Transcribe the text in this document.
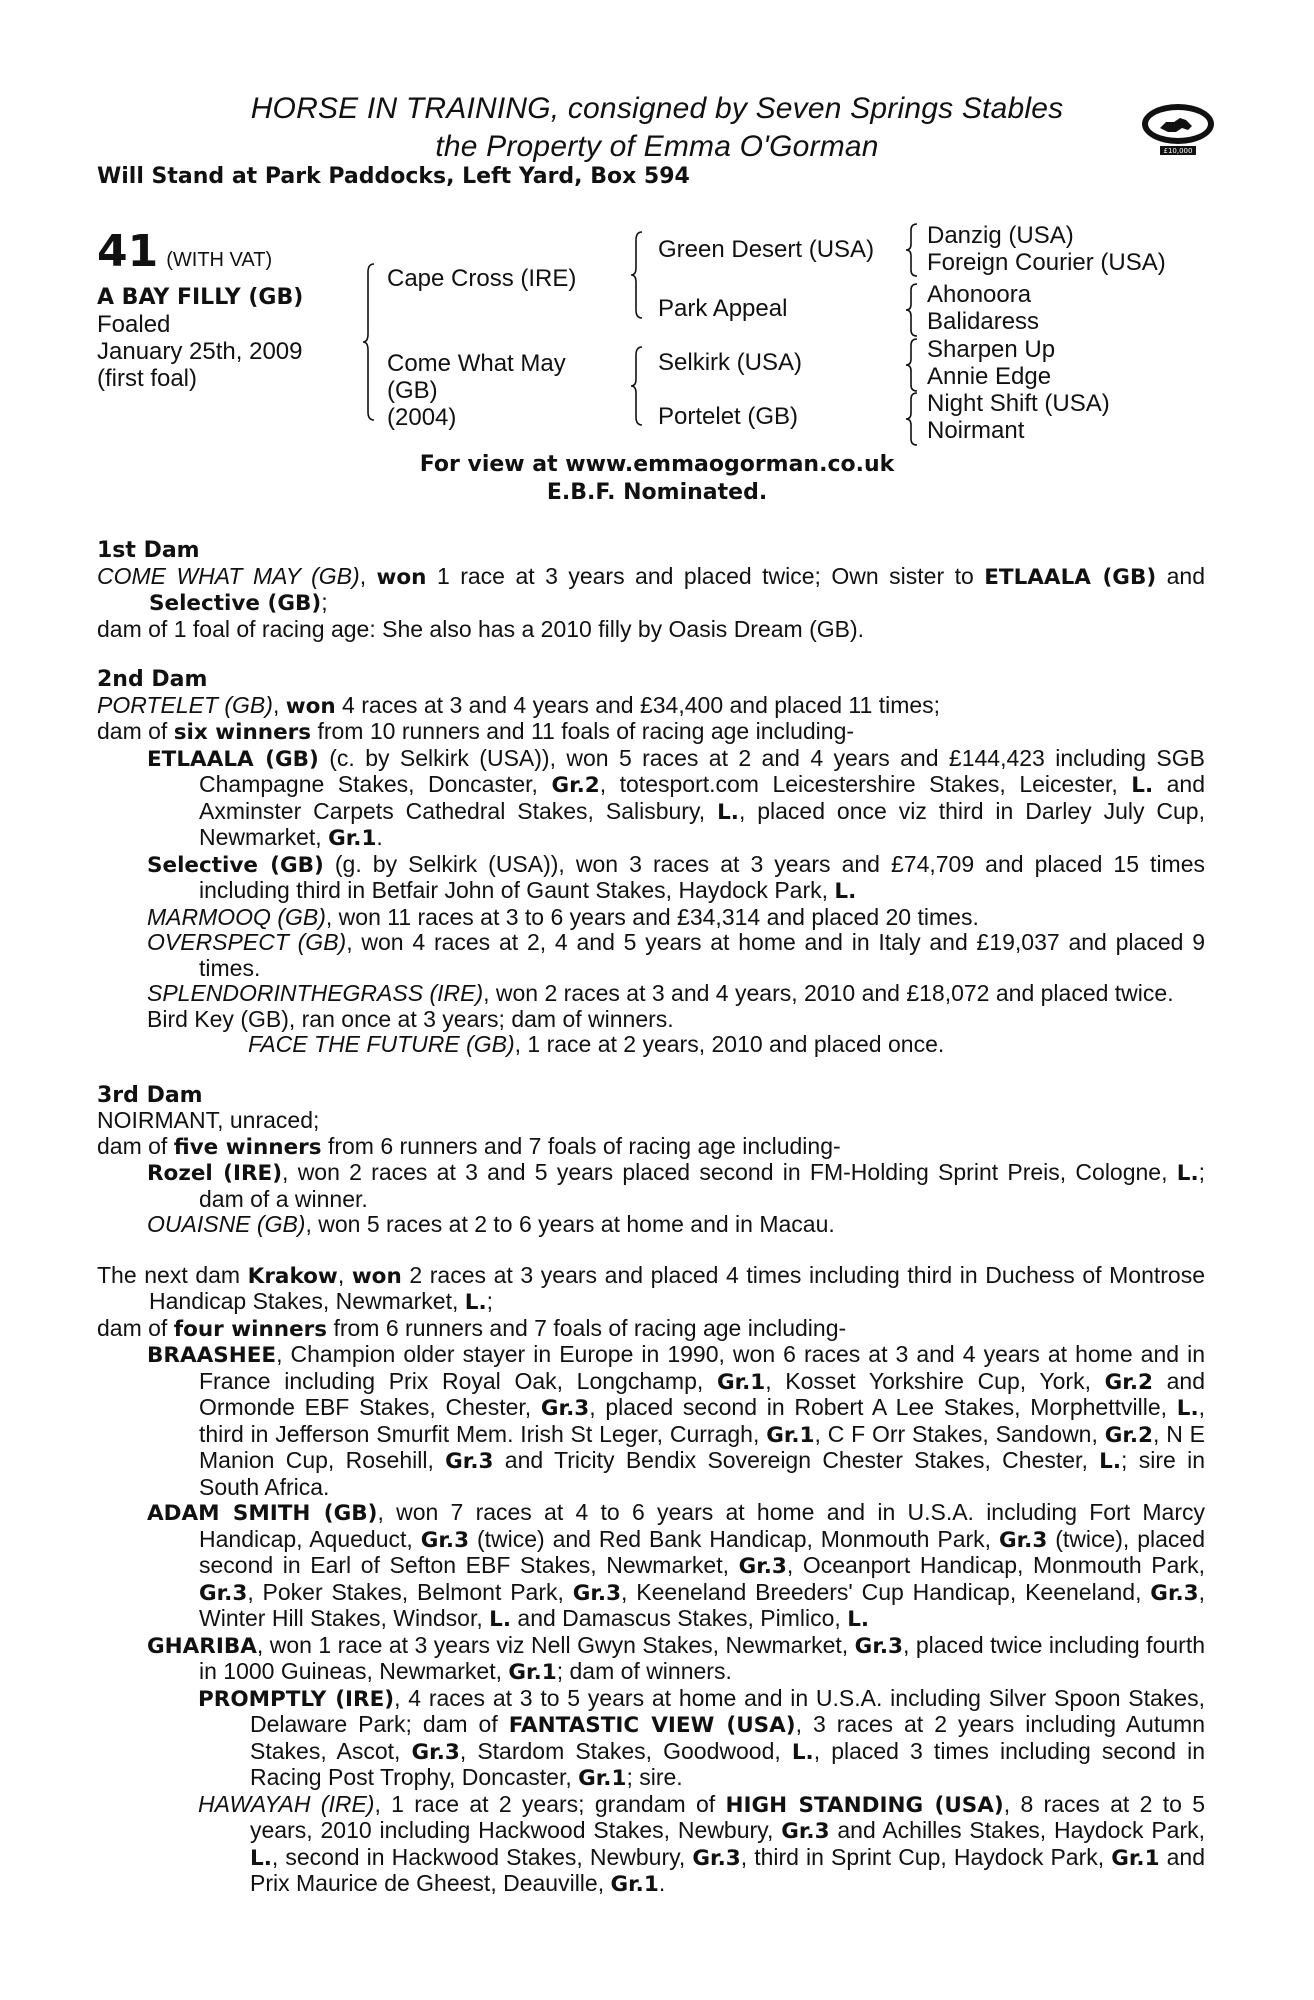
HORSE IN TRAINING, consigned by Seven Springs Stables
the Property of Emma O'Gorman
Will Stand at Park Paddocks, Left Yard, Box 594
£10,000
41 (WITH VAT)
A BAY FILLY (GB)
Foaled
January 25th, 2009
(first foal)
Cape Cross (IRE)
Come What May
(GB)
(2004)
Green Desert (USA)
Park Appeal
Selkirk (USA)
Portelet (GB)
Danzig (USA)
Foreign Courier (USA)
Ahonoora
Balidaress
Sharpen Up
Annie Edge
Night Shift (USA)
Noirmant
For view at www.emmaogorman.co.uk
E.B.F. Nominated.
1st Dam
COME WHAT MAY (GB), won 1 race at 3 years and placed twice; Own sister to ETLAALA (GB) and Selective (GB);
dam of 1 foal of racing age: She also has a 2010 filly by Oasis Dream (GB).
2nd Dam
PORTELET (GB), won 4 races at 3 and 4 years and £34,400 and placed 11 times;
dam of six winners from 10 runners and 11 foals of racing age including-
ETLAALA (GB) (c. by Selkirk (USA)), won 5 races at 2 and 4 years and £144,423 including SGB Champagne Stakes, Doncaster, Gr.2, totesport.com Leicestershire Stakes, Leicester, L. and Axminster Carpets Cathedral Stakes, Salisbury, L., placed once viz third in Darley July Cup, Newmarket, Gr.1.
Selective (GB) (g. by Selkirk (USA)), won 3 races at 3 years and £74,709 and placed 15 times including third in Betfair John of Gaunt Stakes, Haydock Park, L.
MARMOOQ (GB), won 11 races at 3 to 6 years and £34,314 and placed 20 times.
OVERSPECT (GB), won 4 races at 2, 4 and 5 years at home and in Italy and £19,037 and placed 9 times.
SPLENDORINTHEGRASS (IRE), won 2 races at 3 and 4 years, 2010 and £18,072 and placed twice.
Bird Key (GB), ran once at 3 years; dam of winners.
FACE THE FUTURE (GB), 1 race at 2 years, 2010 and placed once.
3rd Dam
NOIRMANT, unraced;
dam of five winners from 6 runners and 7 foals of racing age including-
Rozel (IRE), won 2 races at 3 and 5 years placed second in FM-Holding Sprint Preis, Cologne, L.; dam of a winner.
OUAISNE (GB), won 5 races at 2 to 6 years at home and in Macau.
The next dam Krakow, won 2 races at 3 years and placed 4 times including third in Duchess of Montrose Handicap Stakes, Newmarket, L.;
dam of four winners from 6 runners and 7 foals of racing age including-
BRAASHEE, Champion older stayer in Europe in 1990, won 6 races at 3 and 4 years at home and in France including Prix Royal Oak, Longchamp, Gr.1, Kosset Yorkshire Cup, York, Gr.2 and Ormonde EBF Stakes, Chester, Gr.3, placed second in Robert A Lee Stakes, Morphettville, L., third in Jefferson Smurfit Mem. Irish St Leger, Curragh, Gr.1, C F Orr Stakes, Sandown, Gr.2, N E Manion Cup, Rosehill, Gr.3 and Tricity Bendix Sovereign Chester Stakes, Chester, L.; sire in South Africa.
ADAM SMITH (GB), won 7 races at 4 to 6 years at home and in U.S.A. including Fort Marcy Handicap, Aqueduct, Gr.3 (twice) and Red Bank Handicap, Monmouth Park, Gr.3 (twice), placed second in Earl of Sefton EBF Stakes, Newmarket, Gr.3, Oceanport Handicap, Monmouth Park, Gr.3, Poker Stakes, Belmont Park, Gr.3, Keeneland Breeders' Cup Handicap, Keeneland, Gr.3, Winter Hill Stakes, Windsor, L. and Damascus Stakes, Pimlico, L.
GHARIBA, won 1 race at 3 years viz Nell Gwyn Stakes, Newmarket, Gr.3, placed twice including fourth in 1000 Guineas, Newmarket, Gr.1; dam of winners.
PROMPTLY (IRE), 4 races at 3 to 5 years at home and in U.S.A. including Silver Spoon Stakes, Delaware Park; dam of FANTASTIC VIEW (USA), 3 races at 2 years including Autumn Stakes, Ascot, Gr.3, Stardom Stakes, Goodwood, L., placed 3 times including second in Racing Post Trophy, Doncaster, Gr.1; sire.
HAWAYAH (IRE), 1 race at 2 years; grandam of HIGH STANDING (USA), 8 races at 2 to 5 years, 2010 including Hackwood Stakes, Newbury, Gr.3 and Achilles Stakes, Haydock Park, L., second in Hackwood Stakes, Newbury, Gr.3, third in Sprint Cup, Haydock Park, Gr.1 and Prix Maurice de Gheest, Deauville, Gr.1.
